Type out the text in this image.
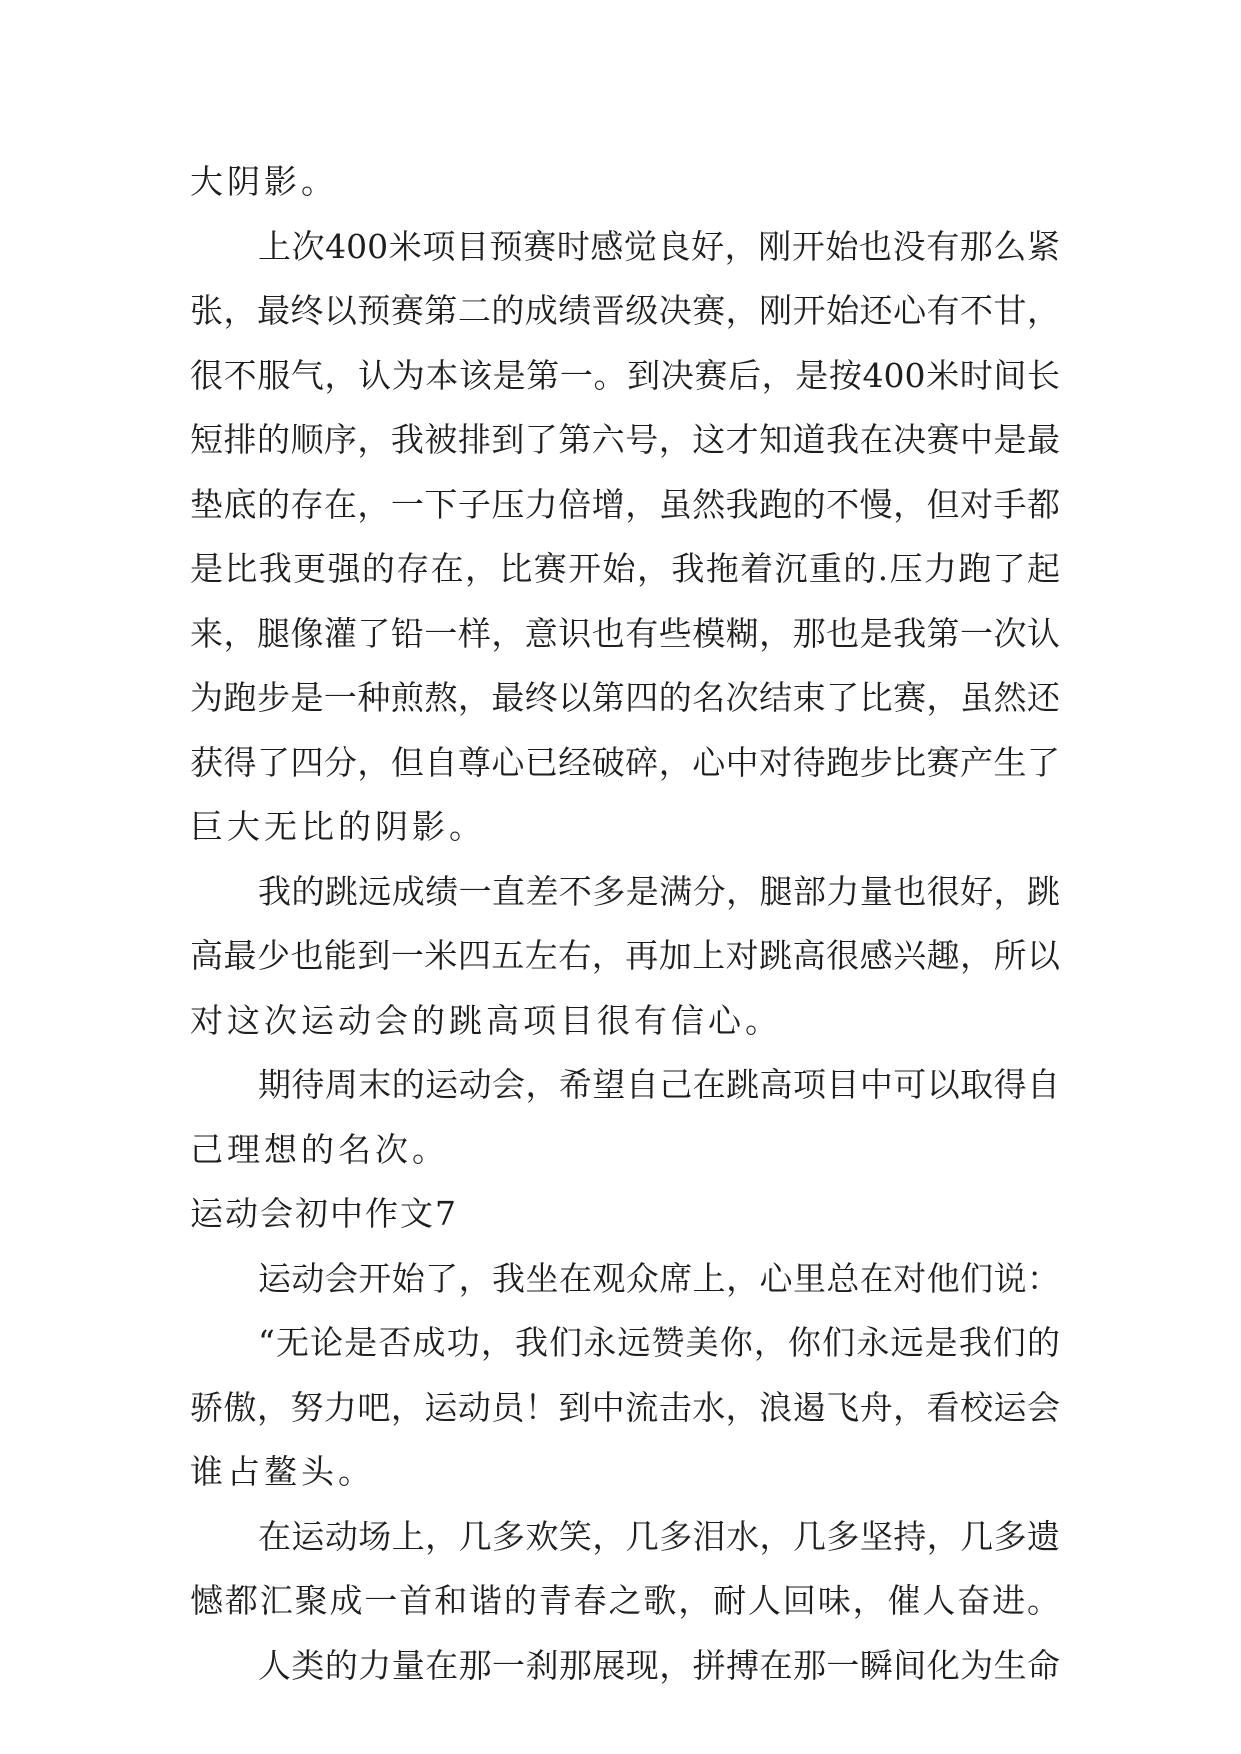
大阴影。
上次400米项目预赛时感觉良好，刚开始也没有那么紧
张，最终以预赛第二的成绩晋级决赛，刚开始还心有不甘，
很不服气，认为本该是第一。到决赛后，是按400米时间长
短排的顺序，我被排到了第六号，这才知道我在决赛中是最
垫底的存在，一下子压力倍增，虽然我跑的不慢，但对手都
是比我更强的存在，比赛开始，我拖着沉重的.压力跑了起
来，腿像灌了铅一样，意识也有些模糊，那也是我第一次认
为跑步是一种煎熬，最终以第四的名次结束了比赛，虽然还
获得了四分，但自尊心已经破碎，心中对待跑步比赛产生了
巨大无比的阴影。
我的跳远成绩一直差不多是满分，腿部力量也很好，跳
高最少也能到一米四五左右，再加上对跳高很感兴趣，所以
对这次运动会的跳高项目很有信心。
期待周末的运动会，希望自己在跳高项目中可以取得自
己理想的名次。
运动会初中作文7
运动会开始了，我坐在观众席上，心里总在对他们说：
“无论是否成功，我们永远赞美你，你们永远是我们的
骄傲，努力吧，运动员！到中流击水，浪遏飞舟，看校运会
谁占鳌头。
在运动场上，几多欢笑，几多泪水，几多坚持，几多遗
憾都汇聚成一首和谐的青春之歌，耐人回味，催人奋进。
人类的力量在那一刹那展现，拼搏在那一瞬间化为生命
